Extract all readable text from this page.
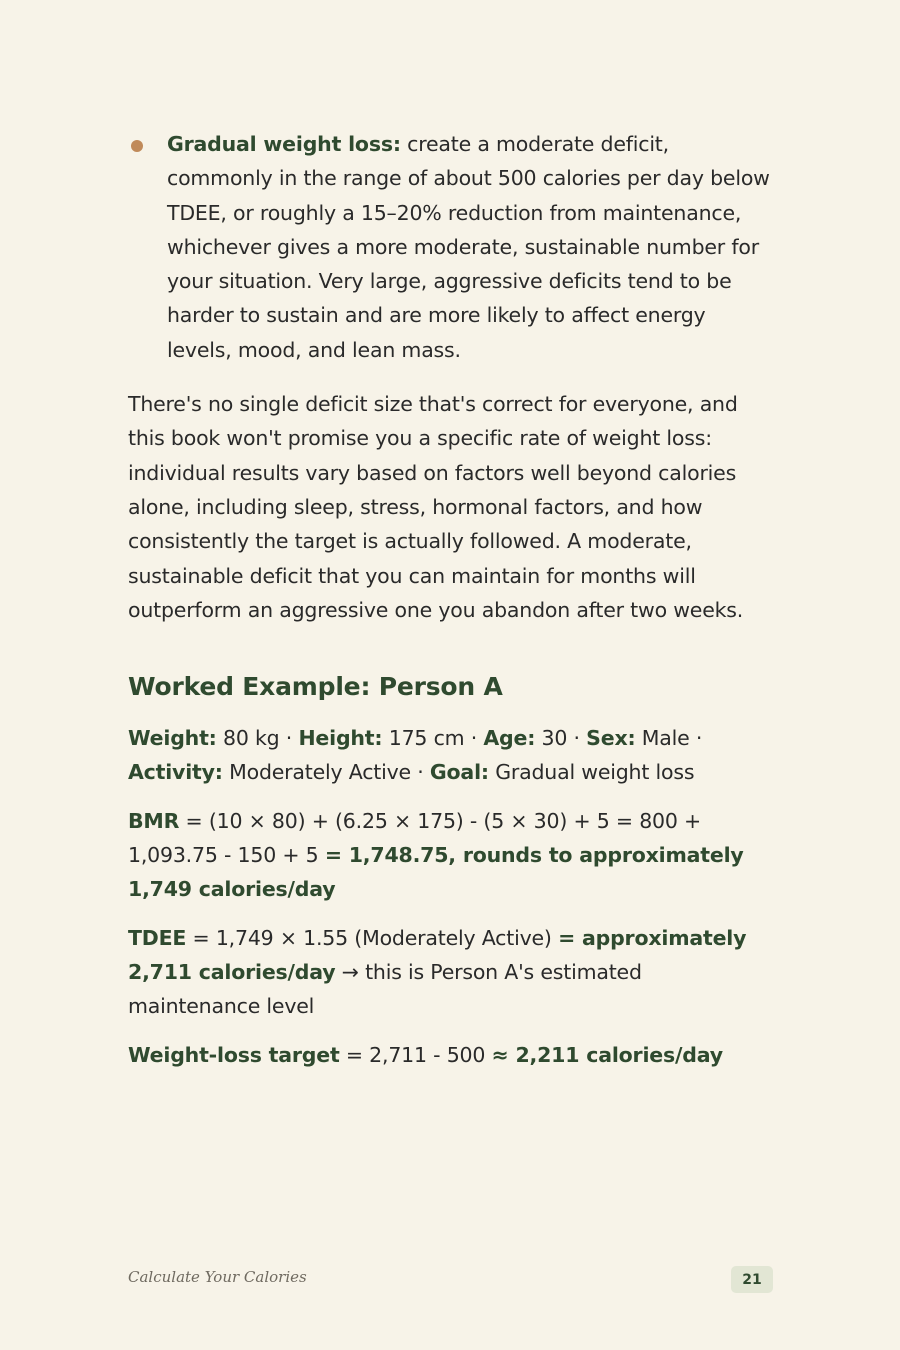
Gradual weight loss: create a moderate deficit, commonly in the range of about 500 calories per day below TDEE, or roughly a 15–20% reduction from maintenance, whichever gives a more moderate, sustainable number for your situation. Very large, aggressive deficits tend to be harder to sustain and are more likely to affect energy levels, mood, and lean mass.

There's no single deficit size that's correct for everyone, and this book won't promise you a specific rate of weight loss: individual results vary based on factors well beyond calories alone, including sleep, stress, hormonal factors, and how consistently the target is actually followed. A moderate, sustainable deficit that you can maintain for months will outperform an aggressive one you abandon after two weeks.

Worked Example: Person A

Weight: 80 kg · Height: 175 cm · Age: 30 · Sex: Male · Activity: Moderately Active · Goal: Gradual weight loss

BMR = (10 × 80) + (6.25 × 175) - (5 × 30) + 5 = 800 + 1,093.75 - 150 + 5 = 1,748.75, rounds to approximately 1,749 calories/day

TDEE = 1,749 × 1.55 (Moderately Active) = approximately 2,711 calories/day → this is Person A's estimated maintenance level

Weight-loss target = 2,711 - 500 ≈ 2,211 calories/day

Calculate Your Calories	21
